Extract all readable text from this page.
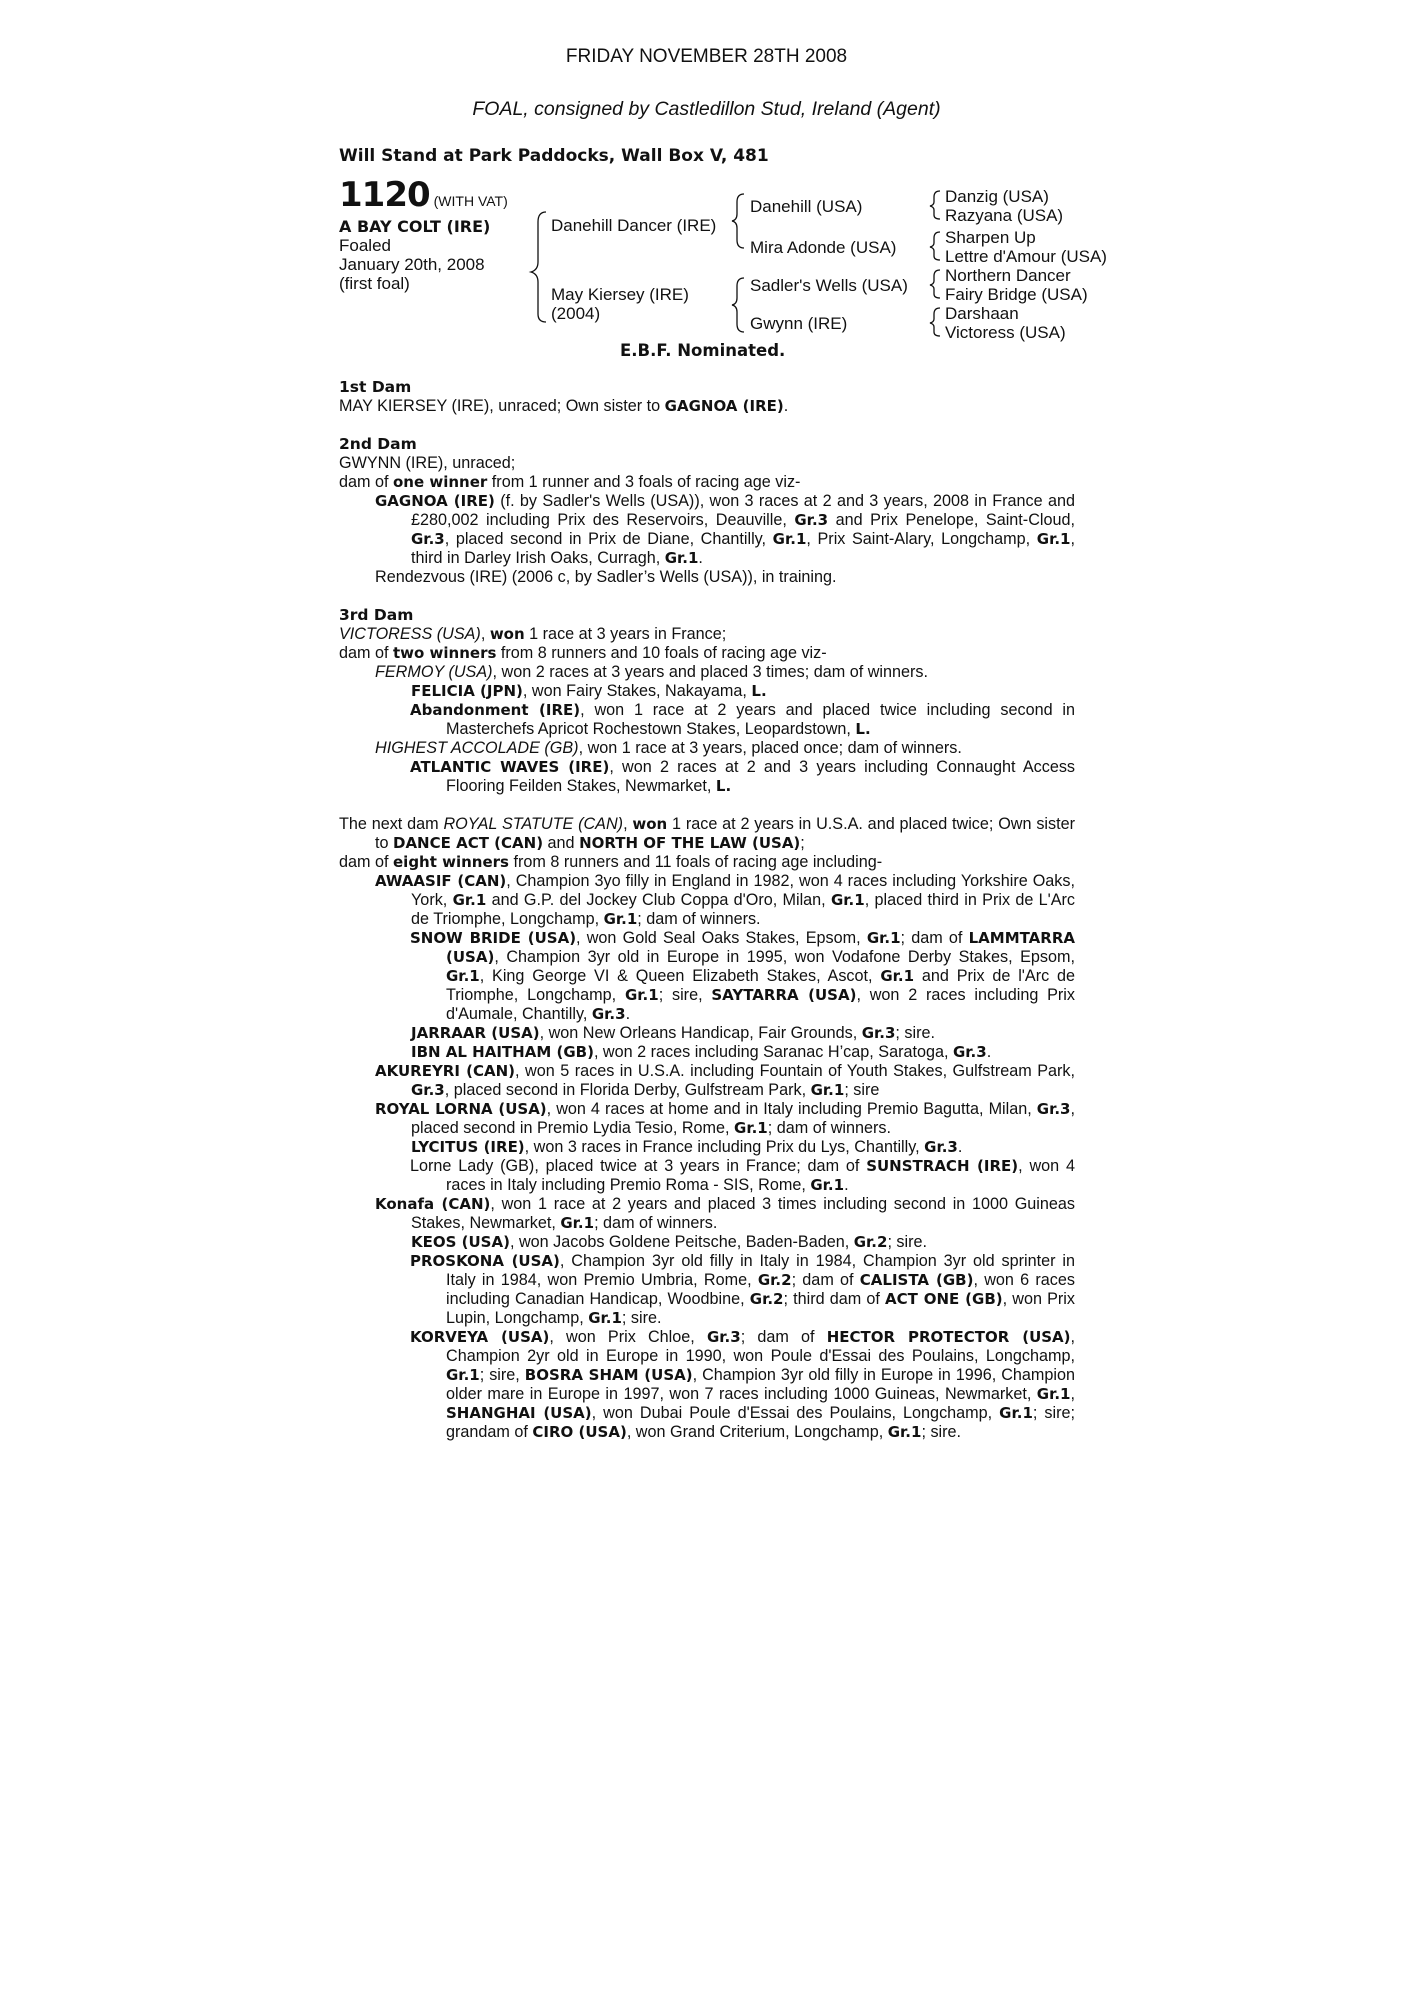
FRIDAY NOVEMBER 28TH 2008
FOAL, consigned by Castledillon Stud, Ireland (Agent)
Will Stand at Park Paddocks, Wall Box V, 481
1120 (WITH VAT)
A BAY COLT (IRE)
Foaled
January 20th, 2008
(first foal)
Danehill Dancer (IRE)
May Kiersey (IRE)
(2004)
Danehill (USA)
Mira Adonde (USA)
Sadler's Wells (USA)
Gwynn (IRE)
Danzig (USA)
Razyana (USA)
Sharpen Up
Lettre d'Amour (USA)
Northern Dancer
Fairy Bridge (USA)
Darshaan
Victoress (USA)
E.B.F. Nominated.
1st Dam
MAY KIERSEY (IRE), unraced; Own sister to GAGNOA (IRE).
2nd Dam
GWYNN (IRE), unraced;
dam of one winner from 1 runner and 3 foals of racing age viz-
GAGNOA (IRE) (f. by Sadler's Wells (USA)), won 3 races at 2 and 3 years, 2008 in France and £280,002 including Prix des Reservoirs, Deauville, Gr.3 and Prix Penelope, Saint-Cloud, Gr.3, placed second in Prix de Diane, Chantilly, Gr.1, Prix Saint-Alary, Longchamp, Gr.1, third in Darley Irish Oaks, Curragh, Gr.1.
Rendezvous (IRE) (2006 c, by Sadler’s Wells (USA)), in training.
3rd Dam
VICTORESS (USA), won 1 race at 3 years in France;
dam of two winners from 8 runners and 10 foals of racing age viz-
FERMOY (USA), won 2 races at 3 years and placed 3 times; dam of winners.
FELICIA (JPN), won Fairy Stakes, Nakayama, L.
Abandonment (IRE), won 1 race at 2 years and placed twice including second in Masterchefs Apricot Rochestown Stakes, Leopardstown, L.
HIGHEST ACCOLADE (GB), won 1 race at 3 years, placed once; dam of winners.
ATLANTIC WAVES (IRE), won 2 races at 2 and 3 years including Connaught Access Flooring Feilden Stakes, Newmarket, L.
The next dam ROYAL STATUTE (CAN), won 1 race at 2 years in U.S.A. and placed twice; Own sister to DANCE ACT (CAN) and NORTH OF THE LAW (USA);
dam of eight winners from 8 runners and 11 foals of racing age including-
AWAASIF (CAN), Champion 3yo filly in England in 1982, won 4 races including Yorkshire Oaks, York, Gr.1 and G.P. del Jockey Club Coppa d'Oro, Milan, Gr.1, placed third in Prix de L'Arc de Triomphe, Longchamp, Gr.1; dam of winners.
SNOW BRIDE (USA), won Gold Seal Oaks Stakes, Epsom, Gr.1; dam of LAMMTARRA (USA), Champion 3yr old in Europe in 1995, won Vodafone Derby Stakes, Epsom, Gr.1, King George VI & Queen Elizabeth Stakes, Ascot, Gr.1 and Prix de l'Arc de Triomphe, Longchamp, Gr.1; sire, SAYTARRA (USA), won 2 races including Prix d'Aumale, Chantilly, Gr.3.
JARRAAR (USA), won New Orleans Handicap, Fair Grounds, Gr.3; sire.
IBN AL HAITHAM (GB), won 2 races including Saranac H’cap, Saratoga, Gr.3.
AKUREYRI (CAN), won 5 races in U.S.A. including Fountain of Youth Stakes, Gulfstream Park, Gr.3, placed second in Florida Derby, Gulfstream Park, Gr.1; sire
ROYAL LORNA (USA), won 4 races at home and in Italy including Premio Bagutta, Milan, Gr.3, placed second in Premio Lydia Tesio, Rome, Gr.1; dam of winners.
LYCITUS (IRE), won 3 races in France including Prix du Lys, Chantilly, Gr.3.
Lorne Lady (GB), placed twice at 3 years in France; dam of SUNSTRACH (IRE), won 4 races in Italy including Premio Roma - SIS, Rome, Gr.1.
Konafa (CAN), won 1 race at 2 years and placed 3 times including second in 1000 Guineas Stakes, Newmarket, Gr.1; dam of winners.
KEOS (USA), won Jacobs Goldene Peitsche, Baden-Baden, Gr.2; sire.
PROSKONA (USA), Champion 3yr old filly in Italy in 1984, Champion 3yr old sprinter in Italy in 1984, won Premio Umbria, Rome, Gr.2; dam of CALISTA (GB), won 6 races including Canadian Handicap, Woodbine, Gr.2; third dam of ACT ONE (GB), won Prix Lupin, Longchamp, Gr.1; sire.
KORVEYA (USA), won Prix Chloe, Gr.3; dam of HECTOR PROTECTOR (USA), Champion 2yr old in Europe in 1990, won Poule d'Essai des Poulains, Longchamp, Gr.1; sire, BOSRA SHAM (USA), Champion 3yr old filly in Europe in 1996, Champion older mare in Europe in 1997, won 7 races including 1000 Guineas, Newmarket, Gr.1, SHANGHAI (USA), won Dubai Poule d'Essai des Poulains, Longchamp, Gr.1; sire; grandam of CIRO (USA), won Grand Criterium, Longchamp, Gr.1; sire.
